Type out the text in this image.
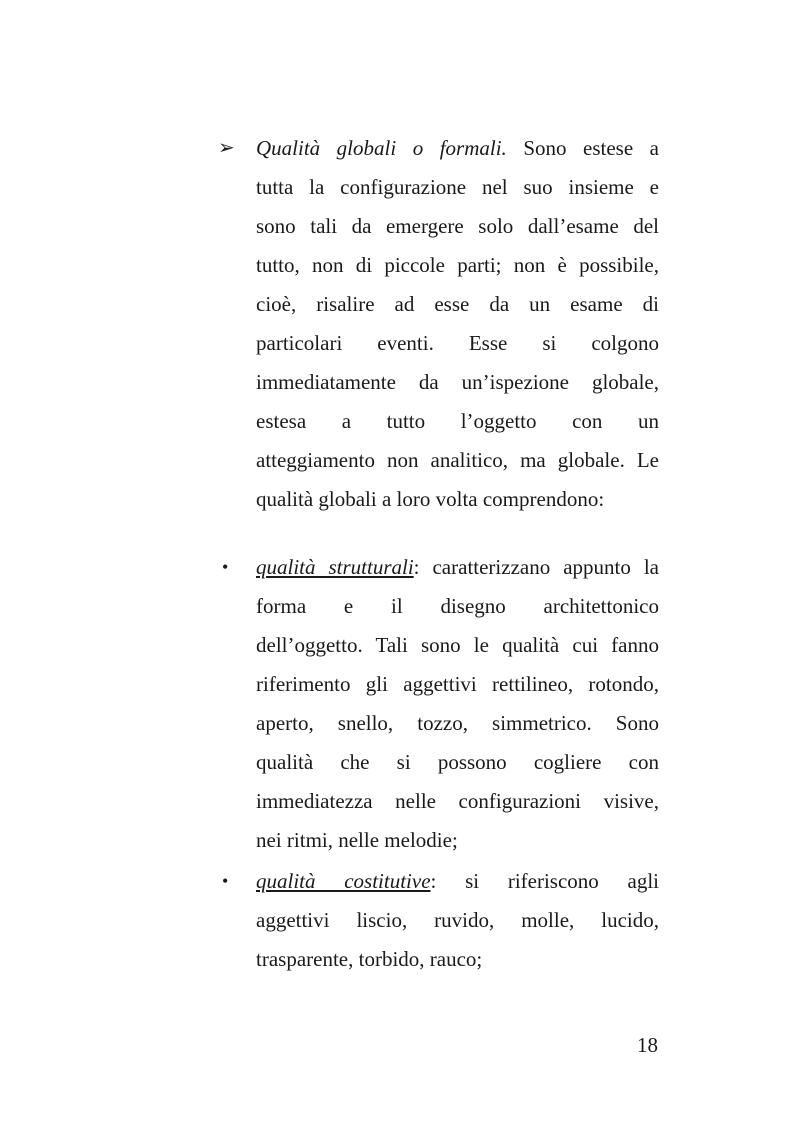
➢ Qualità globali o formali. Sono estese a
tutta la configurazione nel suo insieme e
sono tali da emergere solo dall’esame del
tutto, non di piccole parti; non è possibile,
cioè, risalire ad esse da un esame di
particolari eventi. Esse si colgono
immediatamente da un’ispezione globale,
estesa a tutto l’oggetto con un
atteggiamento non analitico, ma globale. Le
qualità globali a loro volta comprendono:
• qualità strutturali: caratterizzano appunto la
forma e il disegno architettonico
dell’oggetto. Tali sono le qualità cui fanno
riferimento gli aggettivi rettilineo, rotondo,
aperto, snello, tozzo, simmetrico. Sono
qualità che si possono cogliere con
immediatezza nelle configurazioni visive,
nei ritmi, nelle melodie;
• qualità costitutive: si riferiscono agli
aggettivi liscio, ruvido, molle, lucido,
trasparente, torbido, rauco;
18
